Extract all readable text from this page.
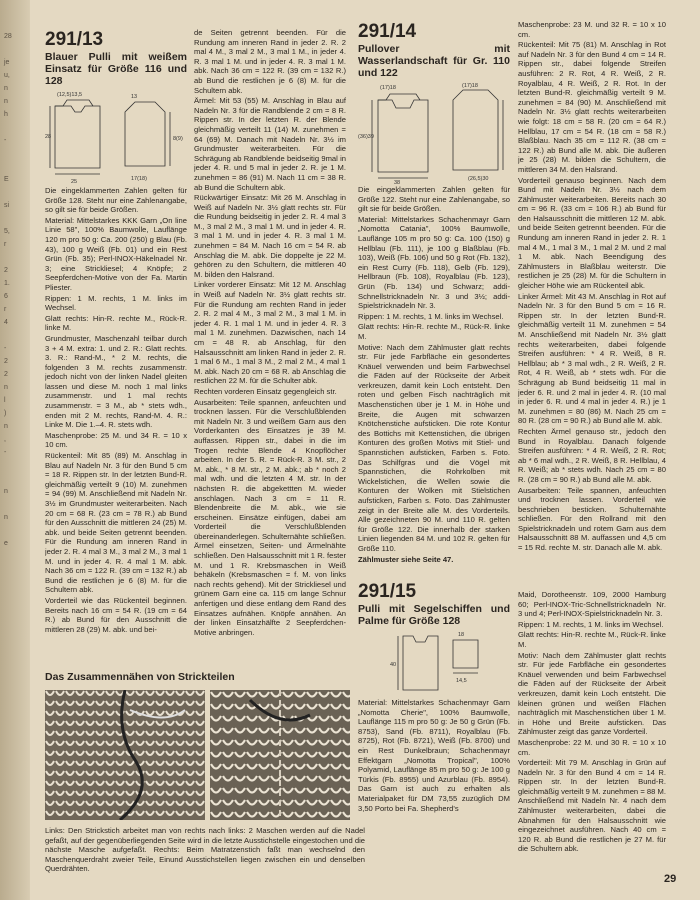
28

je
u,
n
n
h

-

E

si

5,
r

2
1.
6
r
4

-
2
2
n
l
)
n
,
-

n

n

e

291/13

Blauer Pulli mit weißem Einsatz für Größe 116 und 128

(12,5)13,5
28
25
13
8(9)
17(18)

Die eingeklammerten Zahlen gelten für Größe 128. Steht nur eine Zahlenangabe, so gilt sie für beide Größen.

Material: Mittelstarkes KKK Garn „On line Linie 58", 100% Baumwolle, Lauflänge 120 m pro 50 g: Ca. 200 (250) g Blau (Fb. 43), 100 g Weiß (Fb. 01) und ein Rest Grün (Fb. 35); Perl-INOX-Häkelnadel Nr. 3; eine Strickliesel; 4 Knöpfe; 2 Seepferdchen-Motive von der Fa. Martin Pliester.

Rippen: 1 M. rechts, 1 M. links im Wechsel.

Glatt rechts: Hin-R. rechte M., Rück-R. linke M.

Grundmuster, Maschenzahl teilbar durch 3 + 4 M. extra: 1. und 2. R.: Glatt rechts. 3. R.: Rand-M., * 2 M. rechts, die folgenden 3 M. rechts zusammenstr. jedoch nicht von der linken Nadel gleiten lassen und diese M. noch 1 mal links zusammenstr. und 1 mal rechts zusammenstr. = 3 M., ab * stets wdh., enden mit 2 M. rechts, Rand-M. 4. R.: Linke M. Die 1.–4. R. stets wdh.

Maschenprobe: 25 M. und 34 R. = 10 x 10 cm.

Rückenteil: Mit 85 (89) M. Anschlag in Blau auf Nadeln Nr. 3 für den Bund 5 cm = 18 R. Rippen str. In der letzten Bund-R. gleichmäßig verteilt 9 (10) M. zunehmen = 94 (99) M. Anschließend mit Nadeln Nr. 3½ im Grundmuster weiterarbeiten. Nach 20 cm = 68 R. (23 cm = 78 R.) ab Bund für den Ausschnitt die mittleren 24 (25) M. abk. und beide Seiten getrennt beenden. Für die Rundung am inneren Rand in jeder 2. R. 4 mal 3 M., 3 mal 2 M., 3 mal 1 M. und in jeder 4. R. 4 mal 1 M. abk. Nach 36 cm = 122 R. (39 cm = 132 R.) ab Bund die restlichen je 6 (8) M. für die Schultern abk.

Vorderteil wie das Rückenteil beginnen. Bereits nach 16 cm = 54 R. (19 cm = 64 R.) ab Bund für den Ausschnitt die mittleren 28 (29) M. abk. und bei-

de Seiten getrennt beenden. Für die Rundung am inneren Rand in jeder 2. R. 2 mal 4 M., 3 mal 2 M., 3 mal 1 M., in jeder 4. R. 3 mal 1 M. und in jeder 4. R. 3 mal 1 M. abk. Nach 36 cm = 122 R. (39 cm = 132 R.) ab Bund die restlichen je 6 (8) M. für die Schultern abk.

Ärmel: Mit 53 (55) M. Anschlag in Blau auf Nadeln Nr. 3 für die Randblende 2 cm = 8 R. Rippen str. In der letzten R. der Blende gleichmäßig verteilt 11 (14) M. zunehmen = 64 (69) M. Danach mit Nadeln Nr. 3½ im Grundmuster weiterarbeiten. Für die Schrägung ab Randblende beidseitig 9mal in jeder 4. R. und 5 mal in jeder 2. R. je 1 M. zunehmen = 86 (91) M. Nach 11 cm = 38 R. ab Bund die Schultern abk.

Rückwärtiger Einsatz: Mit 26 M. Anschlag in Weiß auf Nadeln Nr. 3½ glatt rechts str. Für die Rundung beidseitig in jeder 2. R. 4 mal 3 M., 3 mal 2 M., 3 mal 1 M. und in jeder 4. R. 3 mal 1 M. und in jeder 4. R. 3 mal 1 M. zunehmen = 84 M. Nach 16 cm = 54 R. ab Anschlag die M. abk. Die doppelte je 22 M. gehören zu den Schultern, die mittleren 40 M. bilden den Halsrand.

Linker vorderer Einsatz: Mit 12 M. Anschlag in Weiß auf Nadeln Nr. 3½ glatt rechts str. Für die Rundung am rechten Rand in jeder 2. R. 2 mal 4 M., 3 mal 2 M., 3 mal 1 M. in jeder 4. R. 1 mal 1 M. und in jeder 4. R. 3 mal 1 M. zunehmen. Dazwischen, nach 14 cm = 48 R. ab Anschlag, für den Halsausschnitt am linken Rand in jeder 2. R. 1 mal 6 M., 1 mal 3 M., 2 mal 2 M., 4 mal 1 M. abk. Nach 20 cm = 68 R. ab Anschlag die restlichen 22 M. für die Schulter abk.

Rechten vorderen Einsatz gegengleich str.

Ausarbeiten: Teile spannen, anfeuchten und trocknen lassen. Für die Verschlußblenden mit Nadeln Nr. 3 und weißem Garn aus den Vorderkanten des Einsatzes je 39 M. auffassen. Rippen str., dabei in die im Trogen rechte Blende 4 Knopflöcher arbeiten. In der 5. R. = Rück-R. 3 M. str., 2 M. abk., * 8 M. str., 2 M. abk.; ab * noch 2 mal wdh. und die letzten 4 M. str. In der nächsten R. die abgekettten M. wieder anschlagen. Nach 3 cm = 11 R. Blendenbreite die M. abk., wie sie erscheinen. Einsätze einfügen, dabei am Vorderteil die Verschlußblenden übereinanderlegen. Schulternähte schließen. Ärmel einsetzen, Seiten- und Ärmelnähte schließen. Den Halsausschnitt mit 1 R. fester M. und 1 R. Krebsmaschen in Weiß behäkeln (Krebsmaschen = f. M. von links nach rechts gehend). Mit der Strickliesel und grünem Garn eine ca. 115 cm lange Schnur anfertigen und diese entlang dem Rand des Einsatzes aufnähen. Knöpfe annähen. An der linken Einsatzhälfte 2 Seepferdchen-Motive anbringen.

291/14

Pullover mit Wasserlandschaft für Gr. 110 und 122

(17)18
(36)39
38
(17)18
(26,5)30

Die eingeklammerten Zahlen gelten für Größe 122. Steht nur eine Zahlenangabe, so gilt sie für beide Größen.

Material: Mittelstarkes Schachenmayr Garn „Nomotta Catania", 100% Baumwolle, Lauflänge 105 m pro 50 g: Ca. 100 (150) g Hellblau (Fb. 111), je 100 g Blaßblau (Fb. 103), Weiß (Fb. 106) und 50 g Rot (Fb. 132), ein Rest Curry (Fb. 118), Gelb (Fb. 129), Hellbraun (Fb. 108), Royalblau (Fb. 123), Grün (Fb. 134) und Schwarz; addi-Schnellstricknadeln Nr. 3 und 3½; addi-Spielstricknadeln Nr. 3.

Rippen: 1 M. rechts, 1 M. links im Wechsel.

Glatt rechts: Hin-R. rechte M., Rück-R. linke M.

Motive: Nach dem Zählmuster glatt rechts str. Für jede Farbfläche ein gesondertes Knäuel verwenden und beim Farbwechsel die Fäden auf der Rückseite der Arbeit verkreuzen, damit kein Loch entsteht. Den roten und gelben Fisch nachträglich mit Maschenstichen über je 1 M. in Höhe und Breite, die Augen mit schwarzen Knötchenstiche aufsticken. Die rote Kontur des Bottichs mit Kettenstichen, die übrigen Konturen des großen Motivs mit Stiel- und Spannstichen aufsticken, Farben s. Foto. Das Schilfgras und die Vögel mit Spannstichen, die Rohrkolben mit Wickelstichen, die Wellen sowie die Konturen der Wolken mit Stielstichen aufsticken, Farben s. Foto. Das Zählmuster zeigt in der Breite alle M. des Vorderteils. Alle gezeichneten 90 M. und 110 R. gelten für Größe 122. Die innerhalb der starken Linien liegenden 84 M. und 102 R. gelten für Größe 110.

Zählmuster siehe Seite 47.

291/15

Pulli mit Segelschiffen und Palme für Größe 128

40
18
14,5

Material: Mittelstarkes Schachenmayr Garn „Nomotta Cherie", 100% Baumwolle, Lauflänge 115 m pro 50 g: Je 50 g Grün (Fb. 8753), Sand (Fb. 8711), Royalblau (Fb. 8725), Rot (Fb. 8721), Weiß (Fb. 8700) und ein Rest Dunkelbraun; Schachenmayr Effektgarn „Nomotta Tropical", 100% Polyamid, Lauflänge 85 m pro 50 g: Je 100 g Türkis (Fb. 8955) und Azurblau (Fb. 8954). Das Garn ist auch zu erhalten als Materialpaket für DM 73,55 zuzüglich DM 3,50 Porto bei Fa. Shepherd's

Maschenprobe: 23 M. und 32 R. = 10 x 10 cm.

Rückenteil: Mit 75 (81) M. Anschlag in Rot auf Nadeln Nr. 3 für den Bund 4 cm = 14 R. Rippen str., dabei folgende Streifen ausführen: 2 R. Rot, 4 R. Weiß, 2 R. Royalblau, 4 R. Weiß, 2 R. Rot. In der letzten Bund-R. gleichmäßig verteilt 9 M. zunehmen = 84 (90) M. Anschließend mit Nadeln Nr. 3½ glatt rechts weiterarbeiten wie folgt: 18 cm = 58 R. (20 cm = 64 R.) Hellblau, 17 cm = 54 R. (18 cm = 58 R.) Blaßblau. Nach 35 cm = 112 R. (38 cm = 122 R.) ab Bund alle M. abk. Die äußeren je 25 (28) M. bilden die Schultern, die mittleren 34 M. den Halsrand.

Vorderteil genauso beginnen. Nach dem Bund mit Nadeln Nr. 3½ nach dem Zählmuster weiterarbeiten. Bereits nach 30 cm = 96 R. (33 cm = 106 R.) ab Bund für den Halsausschnitt die mittleren 12 M. abk. und beide Seiten getrennt beenden. Für die Rundung am inneren Rand in jeder 2. R. 1 mal 4 M., 1 mal 3 M., 1 mal 2 M. und 2 mal 1 M. abk. Nach Beendigung des Zählmusters in Blaßblau weiterstr. Die restlichen je 25 (28) M. für die Schultern in gleicher Höhe wie am Rückenteil abk.

Linker Ärmel: Mit 43 M. Anschlag in Rot auf Nadeln Nr. 3 für den Bund 5 cm = 16 R. Rippen str. In der letzten Bund-R. gleichmäßig verteilt 11 M. zunehmen = 54 M. Anschließend mit Nadeln Nr. 3½ glatt rechts weiterarbeiten, dabei folgende Streifen ausführen: * 4 R. Weiß, 8 R. Hellblau; ab * 3 mal wdh., 2 R. Weiß, 2 R. Rot, 4 R. Weiß, ab * stets wdh. Für die Schrägung ab Bund beidseitig 11 mal in jeder 6. R. und 2 mal in jeder 4. R. (10 mal in jeder 6. R. und 4 mal in jeder 4. R.) je 1 M. zunehmen = 80 (86) M. Nach 25 cm = 80 R. (28 cm = 90 R.) ab Bund alle M. abk.

Rechten Ärmel genauso str., jedoch den Bund in Royalblau. Danach folgende Streifen ausführen: * 4 R. Weiß, 2 R. Rot; ab * 6 mal wdh., 2 R. Weiß, 8 R. Hellblau, 4 R. Weiß; ab * stets wdh. Nach 25 cm = 80 R. (28 cm = 90 R.) ab Bund alle M. abk.

Ausarbeiten: Teile spannen, anfeuchten und trocknen lassen. Vorderteil wie beschrieben besticken. Schulternähte schließen. Für den Rollrand mit den Spielstricknadeln und rotem Garn aus dem Halsausschnitt 88 M. auffassen und 4,5 cm = 15 Rd. rechte M. str. Danach alle M. abk.

Maid, Dorotheenstr. 109, 2000 Hamburg 60; Perl-INOX-Tric-Schnellstricknadeln Nr. 3 und 4; Perl-INOX-Spielstricknadeln Nr. 3.

Rippen: 1 M. rechts, 1 M. links im Wechsel.

Glatt rechts: Hin-R. rechte M., Rück-R. linke M.

Motiv: Nach dem Zählmuster glatt rechts str. Für jede Farbfläche ein gesondertes Knäuel verwenden und beim Farbwechsel die Fäden auf der Rückseite der Arbeit verkreuzen, damit kein Loch entsteht. Die kleinen grünen und weißen Flächen nachträglich mit Maschenstichen über 1 M. in Höhe und Breite aufsticken. Das Zählmuster zeigt das ganze Vorderteil.

Maschenprobe: 22 M. und 30 R. = 10 x 10 cm.

Vorderteil: Mit 79 M. Anschlag in Grün auf Nadeln Nr. 3 für den Bund 4 cm = 14 R. Rippen str. In der letzten Bund-R. gleichmäßig verteilt 9 M. zunehmen = 88 M. Anschließend mit Nadeln Nr. 4 nach dem Zählmuster weiterarbeiten, dabei die Abnahmen für den Halsausschnitt wie eingezeichnet ausführen. Nach 40 cm = 120 R. ab Bund die restlichen je 27 M. für die Schultern abk.

Das Zusammennähen von Strickteilen
Links: Den Strickstich arbeitet man von rechts nach links: 2 Maschen werden auf die Nadel gefaßt, auf der gegenüberliegenden Seite wird in die letzte Ausstichstelle eingestochen und die nächste Masche aufgefaßt. Rechts: Beim Matratzenstich faßt man wechselnd den Maschenquerdraht zweier Teile, Einund Ausstichstellen liegen zwischen ein und denselben Querdrähten.
29
